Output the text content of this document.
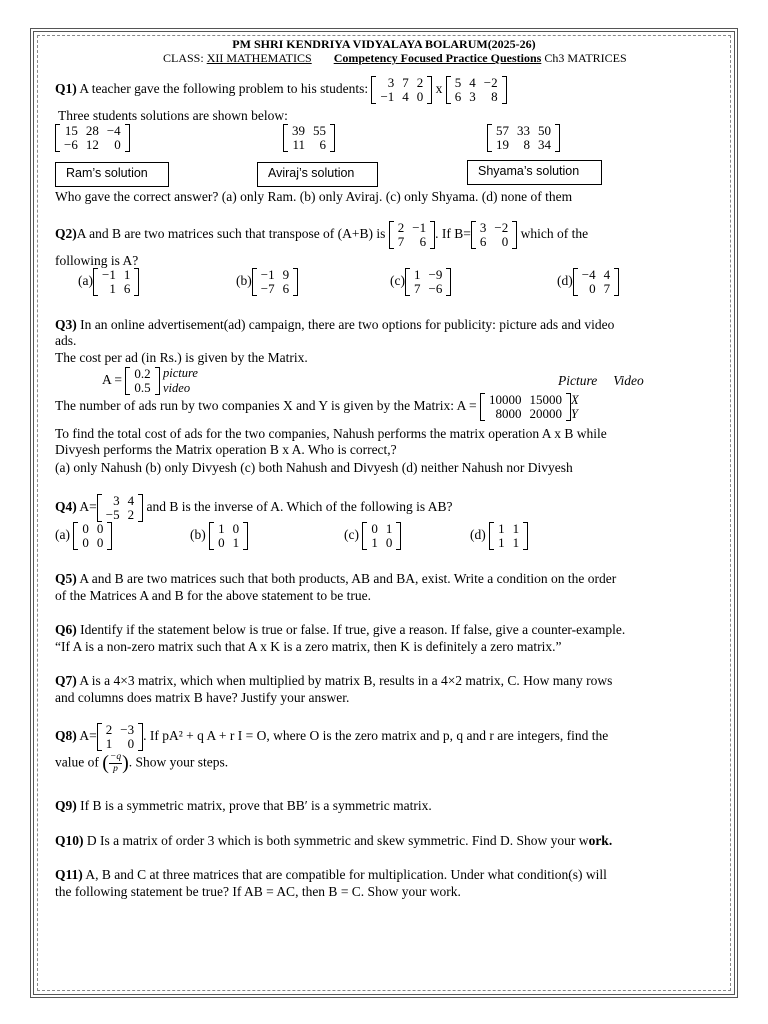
PM SHRI KENDRIYA VIDYALAYA BOLARUM(2025-26)
CLASS: XII MATHEMATICS Competency Focused Practice Questions Ch3 MATRICES
Q1) A teacher gave the following problem to his students: 3	7	2
−1	4	0
x 5	4	−2
6	3	8
Three students solutions are shown below:
15	28	−4
−6	12	0
39	55
11	6
57	33	50
19	8	34
Ram’s solution	Aviraj’s solution	Shyama’s solution
Who gave the correct answer? (a) only Ram. (b) only Aviraj. (c) only Shyama. (d) none of them
Q2)A and B are two matrices such that transpose of (A+B) is 2	−1
7	6
. If B= 3	−2
6	0
which of the
following is A?
(a) −1	1
1	6
(b) −1	9
−7	6
(c) 1	−9
7	−6
(d) −4	4
0	7
Q3) In an online advertisement(ad) campaign, there are two options for publicity: picture ads and video
ads.
The cost per ad (in Rs.) is given by the Matrix.
A = 0.2
0.5
picture
video	Picture Video
The number of ads run by two companies X and Y is given by the Matrix: A = 10000	15000
8000	20000
X
Y
To find the total cost of ads for the two companies, Nahush performs the matrix operation A x B while
Divyesh performs the Matrix operation B x A. Who is correct,?
(a) only Nahush (b) only Divyesh (c) both Nahush and Divyesh (d) neither Nahush nor Divyesh
Q4) A= 3	4
−5	2
and B is the inverse of A. Which of the following is AB?
(a) 0	0
0	0
(b) 1	0
0	1
(c) 0	1
1	0
(d) 1	1
1	1
Q5) A and B are two matrices such that both products, AB and BA, exist. Write a condition on the order
of the Matrices A and B for the above statement to be true.
Q6) Identify if the statement below is true or false. If true, give a reason. If false, give a counter-example.
“If A is a non-zero matrix such that A x K is a zero matrix, then K is definitely a zero matrix.”
Q7) A is a 4×3 matrix, which when multiplied by matrix B, results in a 4×2 matrix, C. How many rows
and columns does matrix B have? Justify your answer.
Q8) A= 2	−3
1	0
. If pA² + q A + r I = O, where O is the zero matrix and p, q and r are integers, find the
value of ( $\frac{-q}{p}$ ). Show your steps.
Q9) If B is a symmetric matrix, prove that BB′ is a symmetric matrix.
Q10) D Is a matrix of order 3 which is both symmetric and skew symmetric. Find D. Show your work.
Q11) A, B and C at three matrices that are compatible for multiplication. Under what condition(s) will
the following statement be true? If AB = AC, then B = C. Show your work.
